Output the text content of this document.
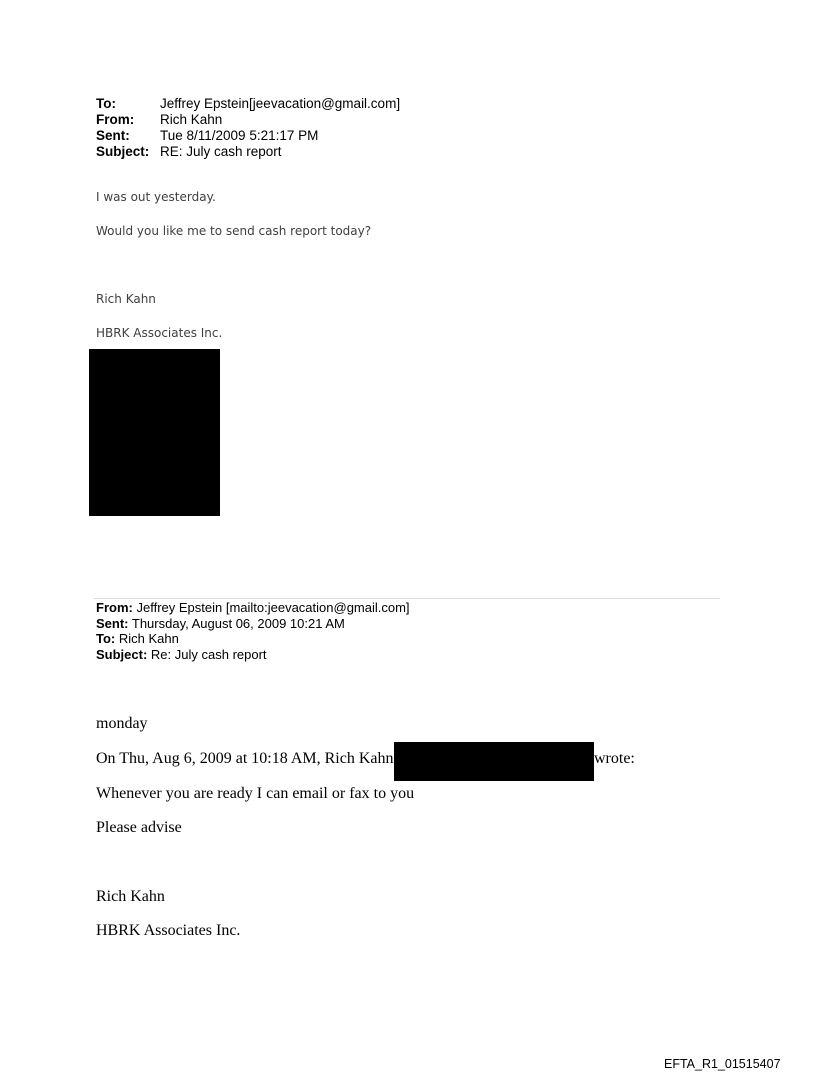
To:	Jeffrey Epstein[jeevacation@gmail.com]
From:	Rich Kahn
Sent:	Tue 8/11/2009 5:21:17 PM
Subject: RE: July cash report
I was out yesterday.
Would you like me to send cash report today?
Rich Kahn
HBRK Associates Inc.
From: Jeffrey Epstein [mailto:jeevacation@gmail.com]
Sent: Thursday, August 06, 2009 10:21 AM
To: Rich Kahn
Subject: Re: July cash report
monday
On Thu, Aug 6, 2009 at 10:18 AM, Rich Kahn	wrote:
Whenever you are ready I can email or fax to you
Please advise
Rich Kahn
HBRK Associates Inc.
EFTA_R1_01515407
